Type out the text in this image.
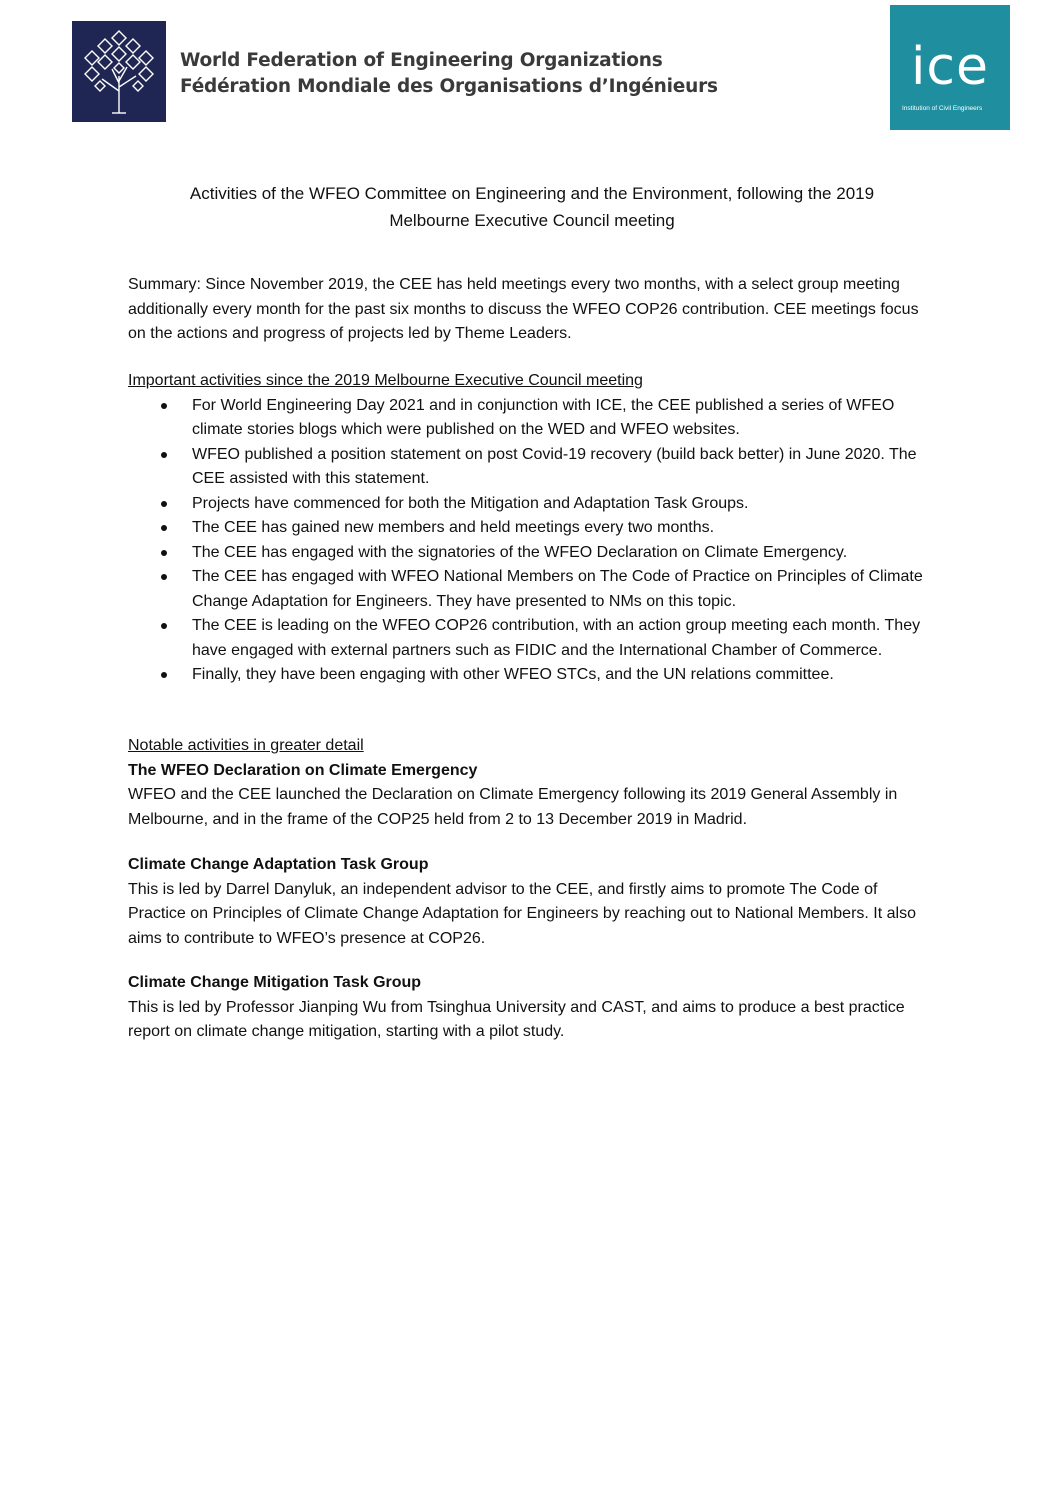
World Federation of Engineering Organizations
Fédération Mondiale des Organisations d’Ingénieurs	ice
Institution of Civil Engineers
Activities of the WFEO Committee on Engineering and the Environment, following the 2019
Melbourne Executive Council meeting
Summary: Since November 2019, the CEE has held meetings every two months, with a select group meeting additionally every month for the past six months to discuss the WFEO COP26 contribution. CEE meetings focus on the actions and progress of projects led by Theme Leaders.
Important activities since the 2019 Melbourne Executive Council meeting
For World Engineering Day 2021 and in conjunction with ICE, the CEE published a series of WFEO climate stories blogs which were published on the WED and WFEO websites.
WFEO published a position statement on post Covid-19 recovery (build back better) in June 2020. The CEE assisted with this statement.
Projects have commenced for both the Mitigation and Adaptation Task Groups.
The CEE has gained new members and held meetings every two months.
The CEE has engaged with the signatories of the WFEO Declaration on Climate Emergency.
The CEE has engaged with WFEO National Members on The Code of Practice on Principles of Climate Change Adaptation for Engineers. They have presented to NMs on this topic.
The CEE is leading on the WFEO COP26 contribution, with an action group meeting each month. They have engaged with external partners such as FIDIC and the International Chamber of Commerce.
Finally, they have been engaging with other WFEO STCs, and the UN relations committee.
Notable activities in greater detail
The WFEO Declaration on Climate Emergency
WFEO and the CEE launched the Declaration on Climate Emergency following its 2019 General Assembly in Melbourne, and in the frame of the COP25 held from 2 to 13 December 2019 in Madrid.
Climate Change Adaptation Task Group
This is led by Darrel Danyluk, an independent advisor to the CEE, and firstly aims to promote The Code of Practice on Principles of Climate Change Adaptation for Engineers by reaching out to National Members. It also aims to contribute to WFEO’s presence at COP26.
Climate Change Mitigation Task Group
This is led by Professor Jianping Wu from Tsinghua University and CAST, and aims to produce a best practice report on climate change mitigation, starting with a pilot study.
